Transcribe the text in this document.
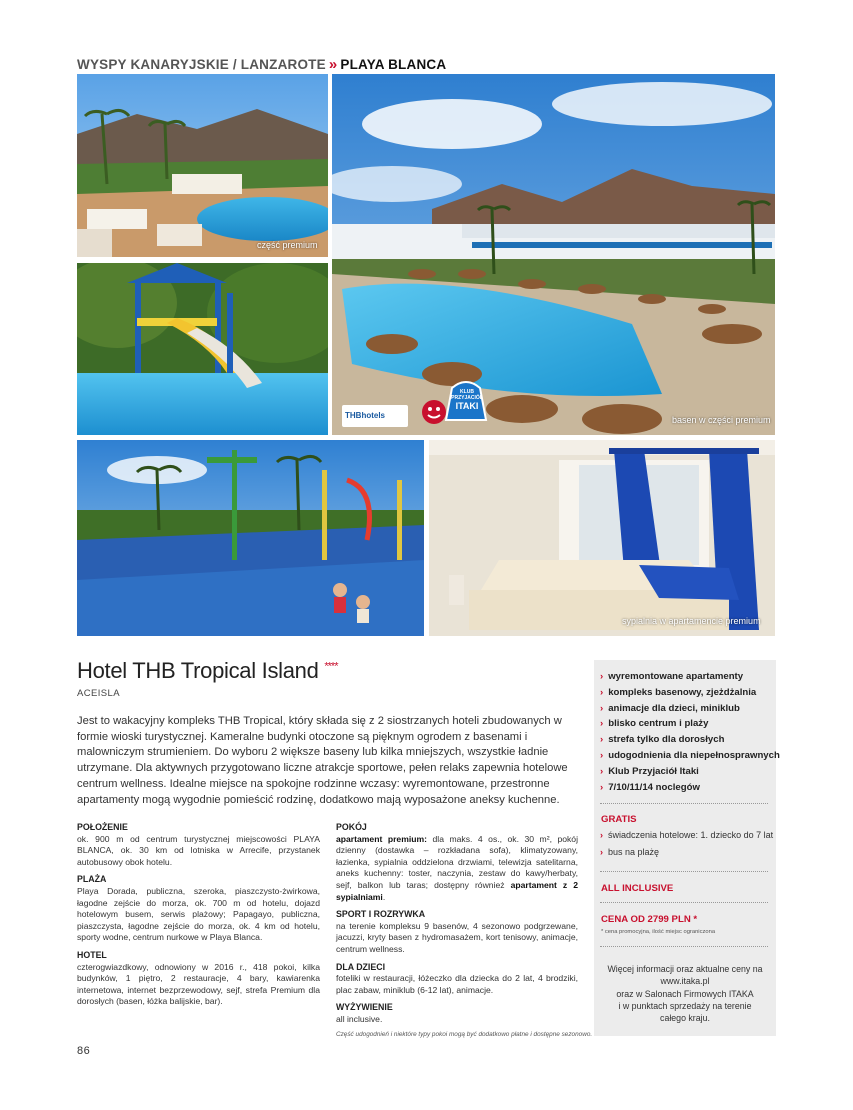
WYSPY KANARYJSKIE / LANZAROTE » PLAYA BLANCA
część premium
THBhotels
KLUB
PRZYJACIÓŁ
ITAKI
basen w części premium
sypialnia w apartamencie premium
Hotel THB Tropical Island ****
ACEISLA
Jest to wakacyjny kompleks THB Tropical, który składa się z 2 siostrzanych hoteli zbudowanych w formie wioski turystycznej. Kameralne budynki otoczone są pięknym ogrodem z basenami i malowniczym strumieniem. Do wyboru 2 większe baseny lub kilka mniejszych, wszystkie ładnie utrzymane. Dla aktywnych przygotowano liczne atrakcje sportowe, pełen relaks zapewnia hotelowe centrum wellness. Idealne miejsce na spokojne rodzinne wczasy: wyremontowane, przestronne apartamenty mogą wygodnie pomieścić rodzinę, dodatkowo mają wyposażone aneksy kuchenne.
POŁOŻENIE

ok. 900 m od centrum turystycznej miejscowości PLAYA BLANCA, ok. 30 km od lotniska w Arrecife, przystanek autobusowy obok hotelu.

PLAŻA

Playa Dorada, publiczna, szeroka, piaszczysto-żwirkowa, łagodne zejście do morza, ok. 700 m od hotelu, dojazd hotelowym busem, serwis plażowy; Papagayo, publiczna, piaszczysta, łagodne zejście do morza, ok. 4 km od hotelu, sporty wodne, centrum nurkowe w Playa Blanca.

HOTEL

czterogwiazdkowy, odnowiony w 2016 r., 418 pokoi, kilka budynków, 1 piętro, 2 restauracje, 4 bary, kawiarenka internetowa, internet bezprzewodowy, sejf, strefa Premium dla dorosłych (basen, łóżka balijskie, bar).

POKÓJ

apartament premium: dla maks. 4 os., ok. 30 m², pokój dzienny (dostawka – rozkładana sofa), klimatyzowany, łazienka, sypialnia oddzielona drzwiami, telewizja satelitarna, aneks kuchenny: toster, naczynia, zestaw do kawy/herbaty, sejf, balkon lub taras; dostępny również apartament z 2 sypialniami.

SPORT I ROZRYWKA

na terenie kompleksu 9 basenów, 4 sezonowo podgrzewane, jacuzzi, kryty basen z hydromasażem, kort tenisowy, animacje, centrum wellness.

DLA DZIECI

foteliki w restauracji, łóżeczko dla dziecka do 2 lat, 4 brodziki, plac zabaw, miniklub (6-12 lat), animacje.

WYŻYWIENIE

all inclusive.

Część udogodnień i niektóre typy pokoi mogą być dodatkowo płatne i dostępne sezonowo.
› wyremontowane apartamenty
› kompleks basenowy, zjeżdżalnia
› animacje dla dzieci, miniklub
› blisko centrum i plaży
› strefa tylko dla dorosłych
› udogodnienia dla niepełnosprawnych
› Klub Przyjaciół Itaki
› 7/10/11/14 noclegów
GRATIS
› świadczenia hotelowe: 1. dziecko do 7 lat
› bus na plażę
ALL INCLUSIVE
CENA OD 2799 PLN *
* cena promocyjna, ilość miejsc ograniczona
Więcej informacji oraz aktualne ceny na
www.itaka.pl
oraz w Salonach Firmowych ITAKA
i w punktach sprzedaży na terenie
całego kraju.
86
